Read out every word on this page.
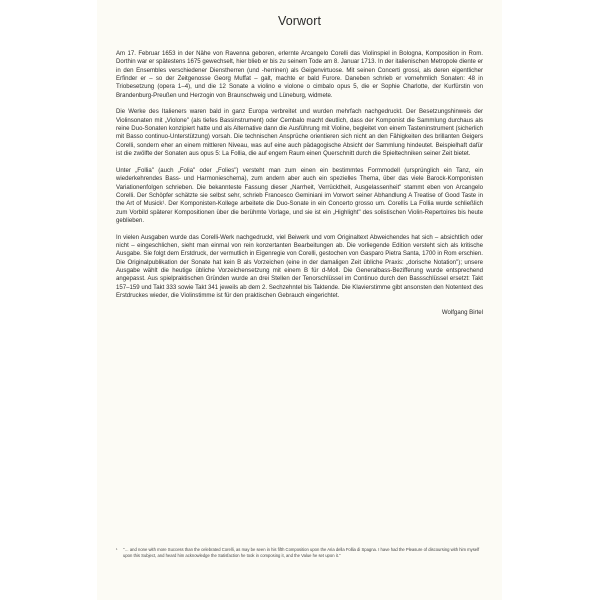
Vorwort

Am 17. Februar 1653 in der Nähe von Ravenna geboren, erlernte Arcangelo Corelli das Violinspiel in Bologna, Komposition in Rom. Dorthin war er spätestens 1675 gewechselt, hier blieb er bis zu seinem Tode am 8. Januar 1713. In der italienischen Metropole diente er in den Ensembles verschiedener Dienstherren (und -herrinen) als Geigenvirtuose. Mit seinen Concerti grossi, als deren eigentlicher Erfinder er – so der Zeitgenosse Georg Muffat – galt, machte er bald Furore. Daneben schrieb er vornehmlich Sonaten: 48 in Triobesetzung (opera 1–4), und die 12 Sonate a violino e violone o cimbalo opus 5, die er Sophie Charlotte, der Kurfürstin von Brandenburg-Preußen und Herzogin von Braunschweig und Lüneburg, widmete.

Die Werke des Italieners waren bald in ganz Europa verbreitet und wurden mehrfach nachgedruckt. Der Besetzungshinweis der Violinsonaten mit „Violone" (als tiefes Bassinstrument) oder Cembalo macht deutlich, dass der Komponist die Sammlung durchaus als reine Duo-Sonaten konzipiert hatte und als Alternative dann die Ausführung mit Violine, begleitet von einem Tasteninstrument (sicherlich mit Basso continuo-Unterstützung) vorsah. Die technischen Ansprüche orientieren sich nicht an den Fähigkeiten des brillanten Geigers Corelli, sondern eher an einem mittleren Niveau, was auf eine auch pädagogische Absicht der Sammlung hindeutet. Beispielhaft dafür ist die zwölfte der Sonaten aus opus 5: La Follia, die auf engem Raum einen Querschnitt durch die Spieltechniken seiner Zeit bietet.

Unter „Follia" (auch „Folia" oder „Folies") versteht man zum einen ein bestimmtes Formmodell (ursprünglich ein Tanz, ein wiederkehrendes Bass- und Harmonieschema), zum andern aber auch ein spezielles Thema, über das viele Barock-Komponisten Variationenfolgen schrieben. Die bekannteste Fassung dieser „Narrheit, Verrücktheit, Ausgelassenheit" stammt eben von Arcangelo Corelli. Der Schöpfer schätzte sie selbst sehr, schrieb Francesco Geminiani im Vorwort seiner Abhandlung A Treatise of Good Taste in the Art of Musick¹. Der Komponisten-Kollege arbeitete die Duo-Sonate in ein Concerto grosso um. Corellis La Follia wurde schließlich zum Vorbild späterer Kompositionen über die berühmte Vorlage, und sie ist ein „Highlight" des solistischen Violin-Repertoires bis heute geblieben.

In vielen Ausgaben wurde das Corelli-Werk nachgedruckt, viel Beiwerk und vom Originaltext Abweichendes hat sich – absichtlich oder nicht – eingeschlichen, sieht man einmal von rein konzertanten Bearbeitungen ab. Die vorliegende Edition versteht sich als kritische Ausgabe. Sie folgt dem Erstdruck, der vermutlich in Eigenregie von Corelli, gestochen von Gasparo Pietra Santa, 1700 in Rom erschien. Die Originalpublikation der Sonate hat kein B als Vorzeichen (eine in der damaligen Zeit übliche Praxis: „dorische Notation"); unsere Ausgabe wählt die heutige übliche Vorzeichensetzung mit einem B für d-Moll. Die Generalbass-Bezifferung wurde entsprechend angepasst. Aus spielpraktischen Gründen wurde an drei Stellen der Tenorschlüssel im Continuo durch den Bassschlüssel ersetzt: Takt 157–159 und Takt 333 sowie Takt 341 jeweils ab dem 2. Sechzehntel bis Taktende. Die Klavierstimme gibt ansonsten den Notentext des Erstdruckes wieder, die Violinstimme ist für den praktischen Gebrauch eingerichtet.

Wolfgang Birtel

¹ "… and none with more Success than the celebrated Corelli, as may be seen in his fifth Composition upon the Aria della Follia di Spagna. I have had the Pleasure of discoursing with him myself upon this Subject, and heard him acknowledge the Satisfaction he took in composing it, and the Value he set upon it."
